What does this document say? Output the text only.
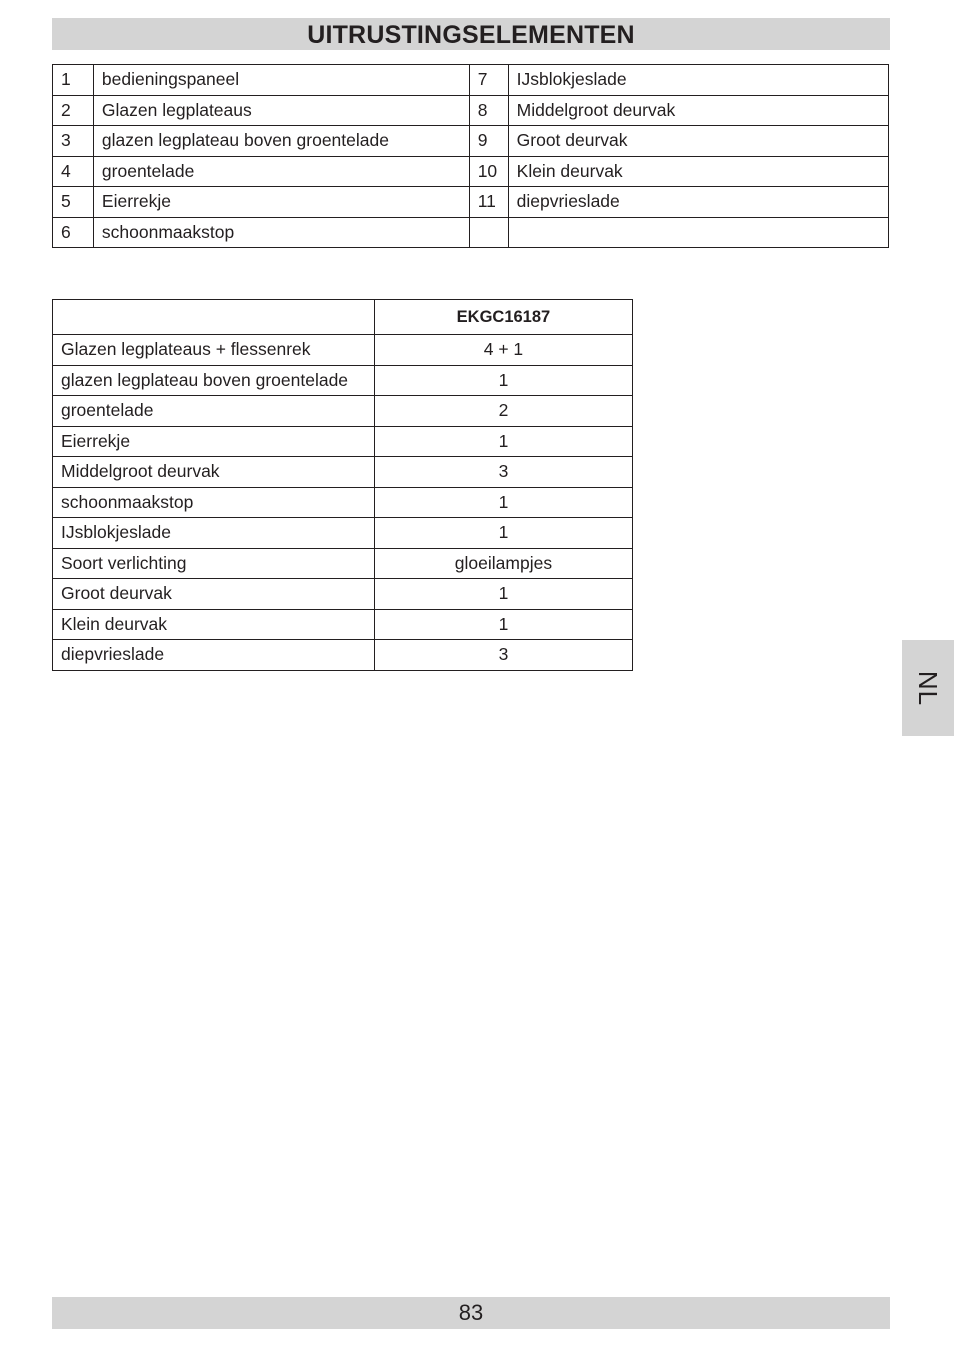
UITRUSTINGSELEMENTEN
1	bedieningspaneel	7	IJsblokjeslade
2	Glazen legplateaus	8	Middelgroot deurvak
3	glazen legplateau boven groentelade	9	Groot deurvak
4	groentelade	10	Klein deurvak
5	Eierrekje	11	diepvrieslade
6	schoonmaakstop		
	EKGC16187
Glazen legplateaus + flessenrek	4 + 1
glazen legplateau boven groentelade	1
groentelade	2
Eierrekje	1
Middelgroot deurvak	3
schoonmaakstop	1
IJsblokjeslade	1
Soort verlichting	gloeilampjes
Groot deurvak	1
Klein deurvak	1
diepvrieslade	3
NL
83
